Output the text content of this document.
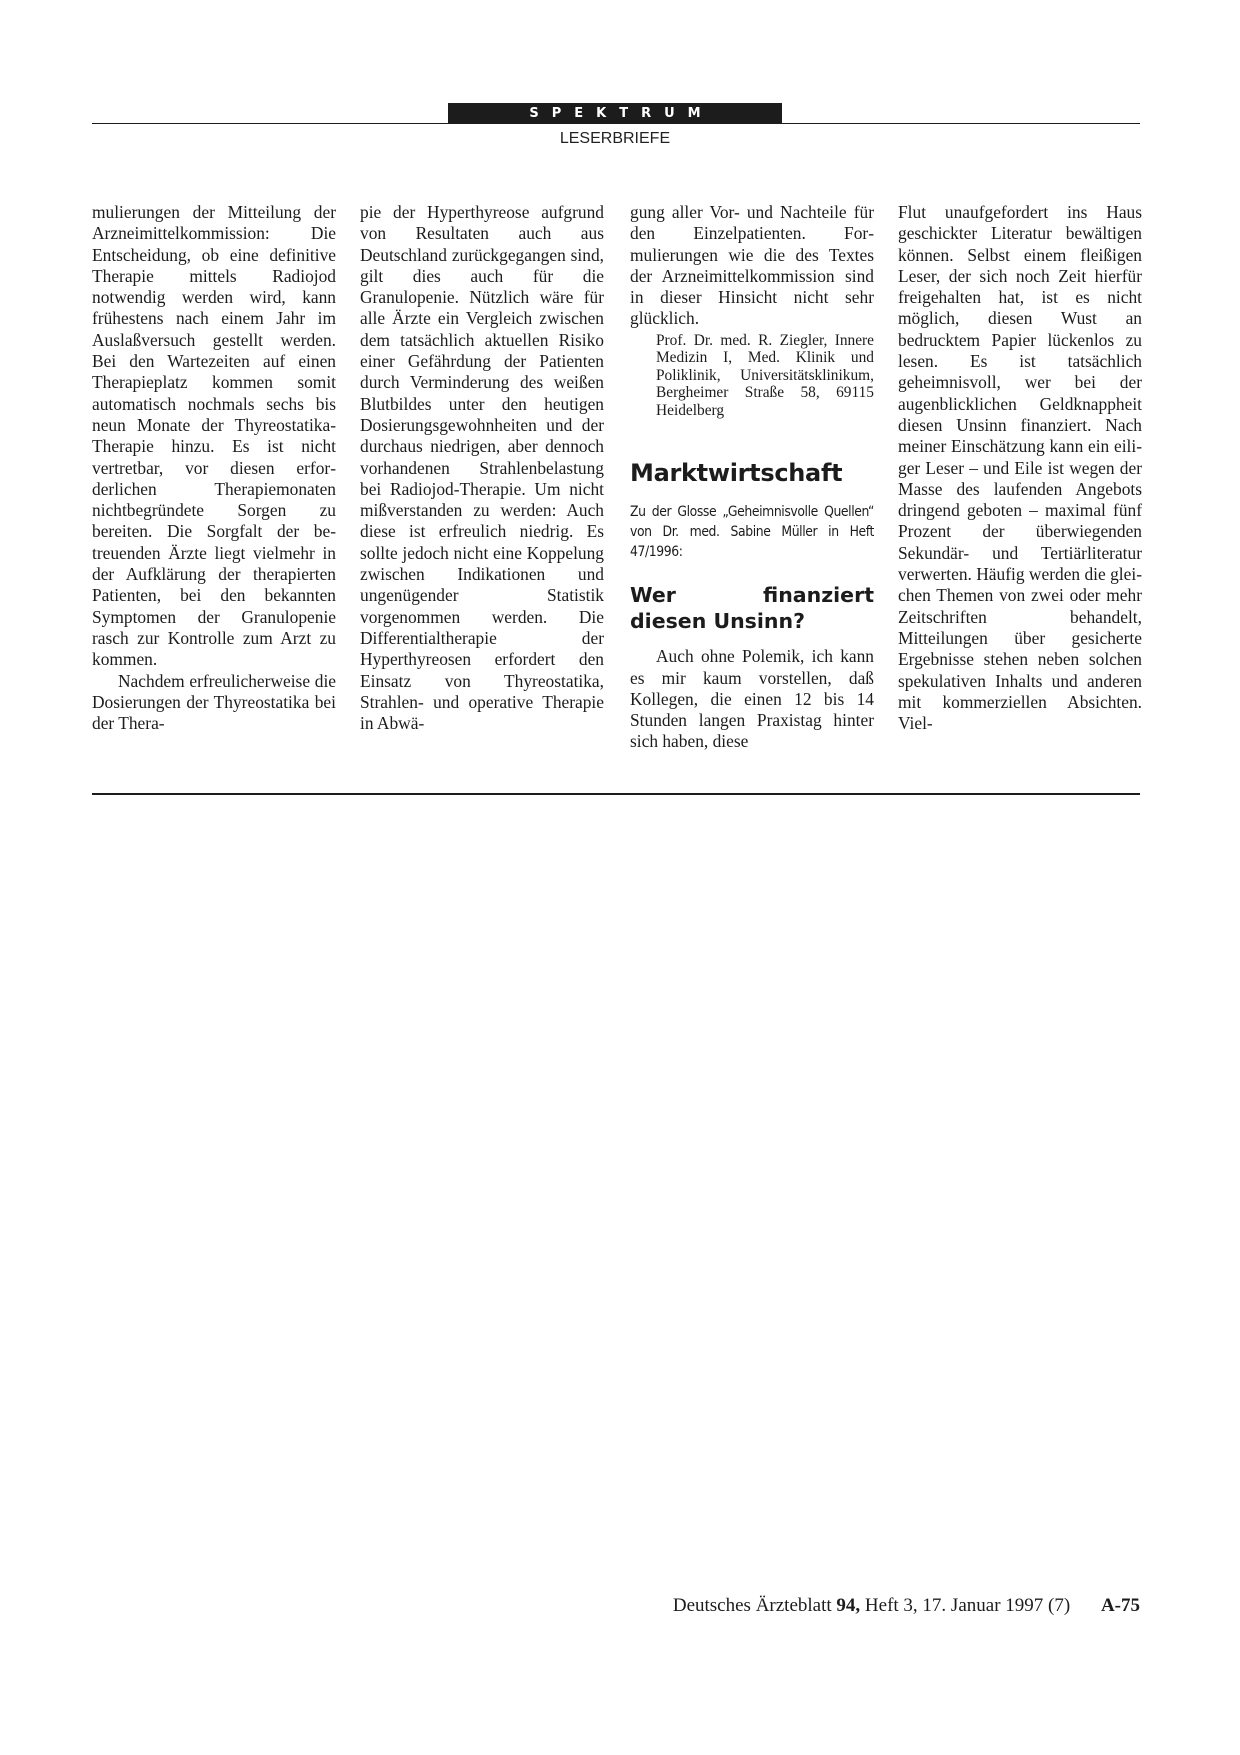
SPEKTRUM
LESERBRIEFE

mulierungen der Mitteilung der Arzneimittelkommission: Die Entscheidung, ob eine definitive Therapie mittels Radiojod notwendig werden wird, kann frühestens nach einem Jahr im Auslaßversuch gestellt werden. Bei den Wartezeiten auf einen Therapieplatz kommen somit automatisch nochmals sechs bis neun Monate der Thyreostatika-Therapie hinzu. Es ist nicht vertretbar, vor diesen erforderlichen Therapiemonaten nichtbegründete Sorgen zu bereiten. Die Sorgfalt der betreuenden Ärzte liegt vielmehr in der Aufklärung der therapierten Patienten, bei den bekannten Symptomen der Granulopenie rasch zur Kontrolle zum Arzt zu kommen.

Nachdem erfreulicherweise die Dosierungen der Thyreostatika bei der Thera-

pie der Hyperthyreose aufgrund von Resultaten auch aus Deutschland zurückgegangen sind, gilt dies auch für die Granulopenie. Nützlich wäre für alle Ärzte ein Vergleich zwischen dem tatsächlich aktuellen Risiko einer Gefährdung der Patienten durch Verminderung des weißen Blutbildes unter den heutigen Dosierungsgewohnheiten und der durchaus niedrigen, aber dennoch vorhandenen Strahlenbelastung bei Radiojod-Therapie. Um nicht mißverstanden zu werden: Auch diese ist erfreulich niedrig. Es sollte jedoch nicht eine Koppelung zwischen Indikationen und ungenügender Statistik vorgenommen werden. Die Differentialtherapie der Hyperthyreosen erfordert den Einsatz von Thyreostatika, Strahlen- und operative Therapie in Abwä-

gung aller Vor- und Nachteile für den Einzelpatienten. Formulierungen wie die des Textes der Arzneimittelkommission sind in dieser Hinsicht nicht sehr glücklich.

Prof. Dr. med. R. Ziegler, Innere Medizin I, Med. Klinik und Poliklinik, Universitätsklinikum, Bergheimer Straße 58, 69115 Heidelberg

Marktwirtschaft

Zu der Glosse „Geheimnisvolle Quellen“ von Dr. med. Sabine Müller in Heft 47/1996:

Wer finanziert diesen Unsinn?

Auch ohne Polemik, ich kann es mir kaum vorstellen, daß Kollegen, die einen 12 bis 14 Stunden langen Praxistag hinter sich haben, diese

Flut unaufgefordert ins Haus geschickter Literatur bewältigen können. Selbst einem fleißigen Leser, der sich noch Zeit hierfür freigehalten hat, ist es nicht möglich, diesen Wust an bedrucktem Papier lückenlos zu lesen. Es ist tatsächlich geheimnisvoll, wer bei der augenblicklichen Geldknappheit diesen Unsinn finanziert. Nach meiner Einschätzung kann ein eiliger Leser – und Eile ist wegen der Masse des laufenden Angebots dringend geboten – maximal fünf Prozent der überwiegenden Sekundär- und Tertiärliteratur verwerten. Häufig werden die gleichen Themen von zwei oder mehr Zeitschriften behandelt, Mitteilungen über gesicherte Ergebnisse stehen neben solchen spekulativen Inhalts und anderen mit kommerziellen Absichten. Viel-

Deutsches Ärzteblatt 94, Heft 3, 17. Januar 1997 (7) A-75
